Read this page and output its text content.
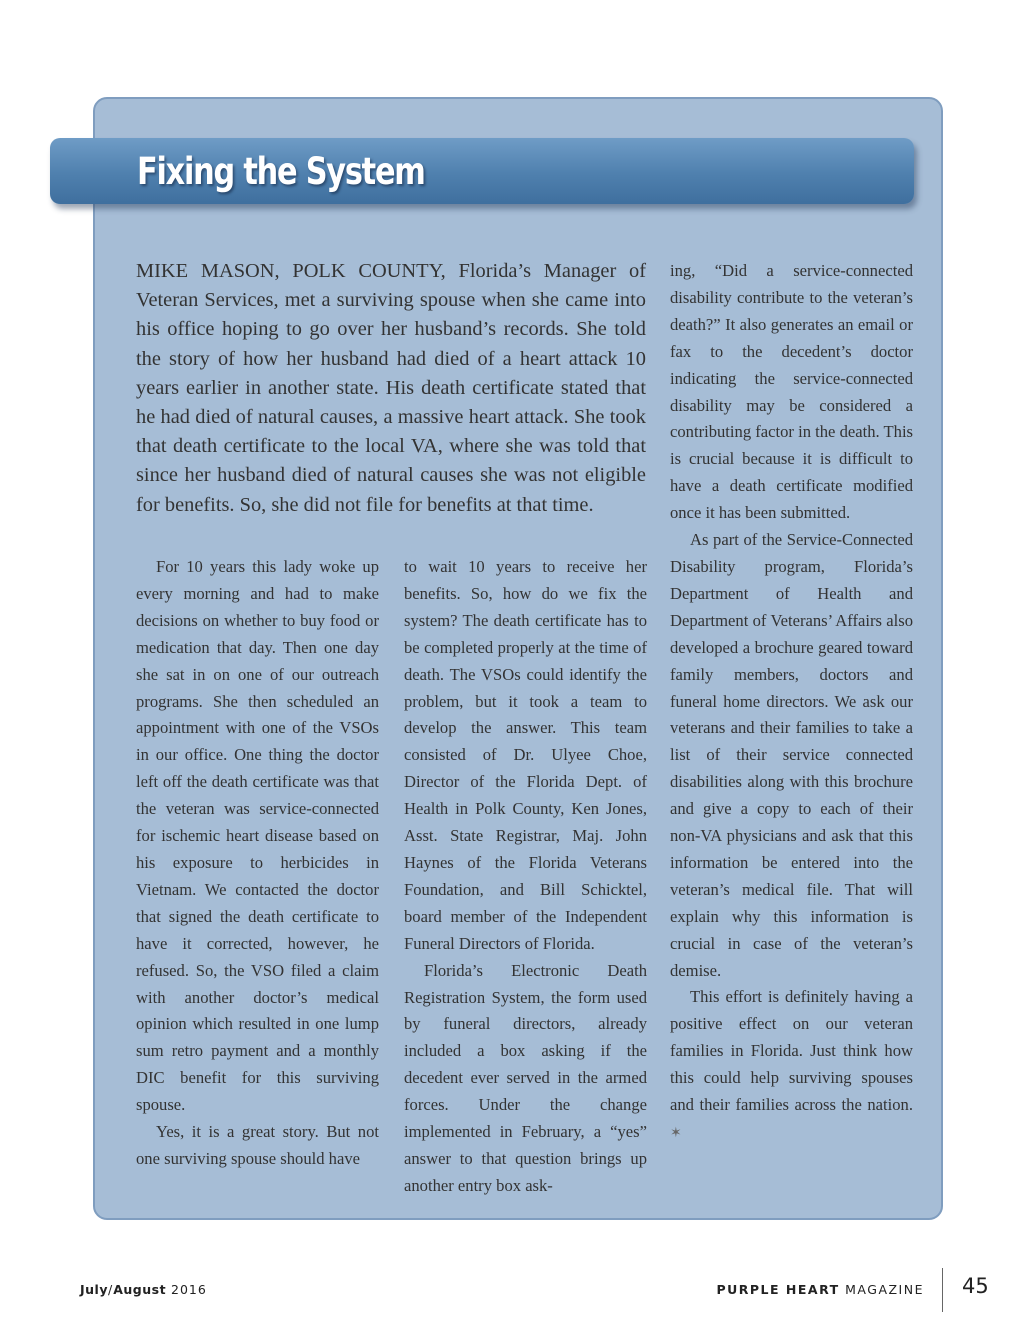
Fixing the System

MIKE MASON, POLK COUNTY, Florida’s Manager of Veteran Services, met a surviving spouse when she came into his office hoping to go over her husband’s records. She told the story of how her husband had died of a heart attack 10 years earlier in another state. His death certificate stated that he had died of natural causes, a massive heart attack. She took that death certificate to the local VA, where she was told that since her husband died of natural causes she was not eligible for benefits. So, she did not file for benefits at that time.

For 10 years this lady woke up every morning and had to make decisions on whether to buy food or medication that day. Then one day she sat in on one of our outreach programs. She then scheduled an appointment with one of the VSOs in our office. One thing the doctor left off the death certificate was that the veteran was service-connected for ischemic heart disease based on his exposure to herbicides in Vietnam. We contacted the doctor that signed the death certificate to have it corrected, however, he refused. So, the VSO filed a claim with another doctor’s medical opinion which resulted in one lump sum retro payment and a monthly DIC benefit for this surviving spouse.

Yes, it is a great story. But not one surviving spouse should have

to wait 10 years to receive her benefits. So, how do we fix the system? The death certificate has to be completed properly at the time of death. The VSOs could identify the problem, but it took a team to develop the answer. This team consisted of Dr. Ulyee Choe, Director of the Florida Dept. of Health in Polk County, Ken Jones, Asst. State Registrar, Maj. John Haynes of the Florida Veterans Foundation, and Bill Schicktel, board member of the Independent Funeral Directors of Florida.

Florida’s Electronic Death Registration System, the form used by funeral directors, already included a box asking if the decedent ever served in the armed forces. Under the change implemented in February, a “yes” answer to that question brings up another entry box ask-

ing, “Did a service-connected disability contribute to the veteran’s death?” It also generates an email or fax to the decedent’s doctor indicating the service-connected disability may be considered a contributing factor in the death. This is crucial because it is difficult to have a death certificate modified once it has been submitted.

As part of the Service-Connected Disability program, Florida’s Department of Health and Department of Veterans’ Affairs also developed a brochure geared toward family members, doctors and funeral home directors. We ask our veterans and their families to take a list of their service connected disabilities along with this brochure and give a copy to each of their non-VA physicians and ask that this information be entered into the veteran’s medical file. That will explain why this information is crucial in case of the veteran’s demise.

This effort is definitely having a positive effect on our veteran families in Florida. Just think how this could help surviving spouses and their families across the nation. ✶

July/August 2016	PURPLE HEART MAGAZINE 45
